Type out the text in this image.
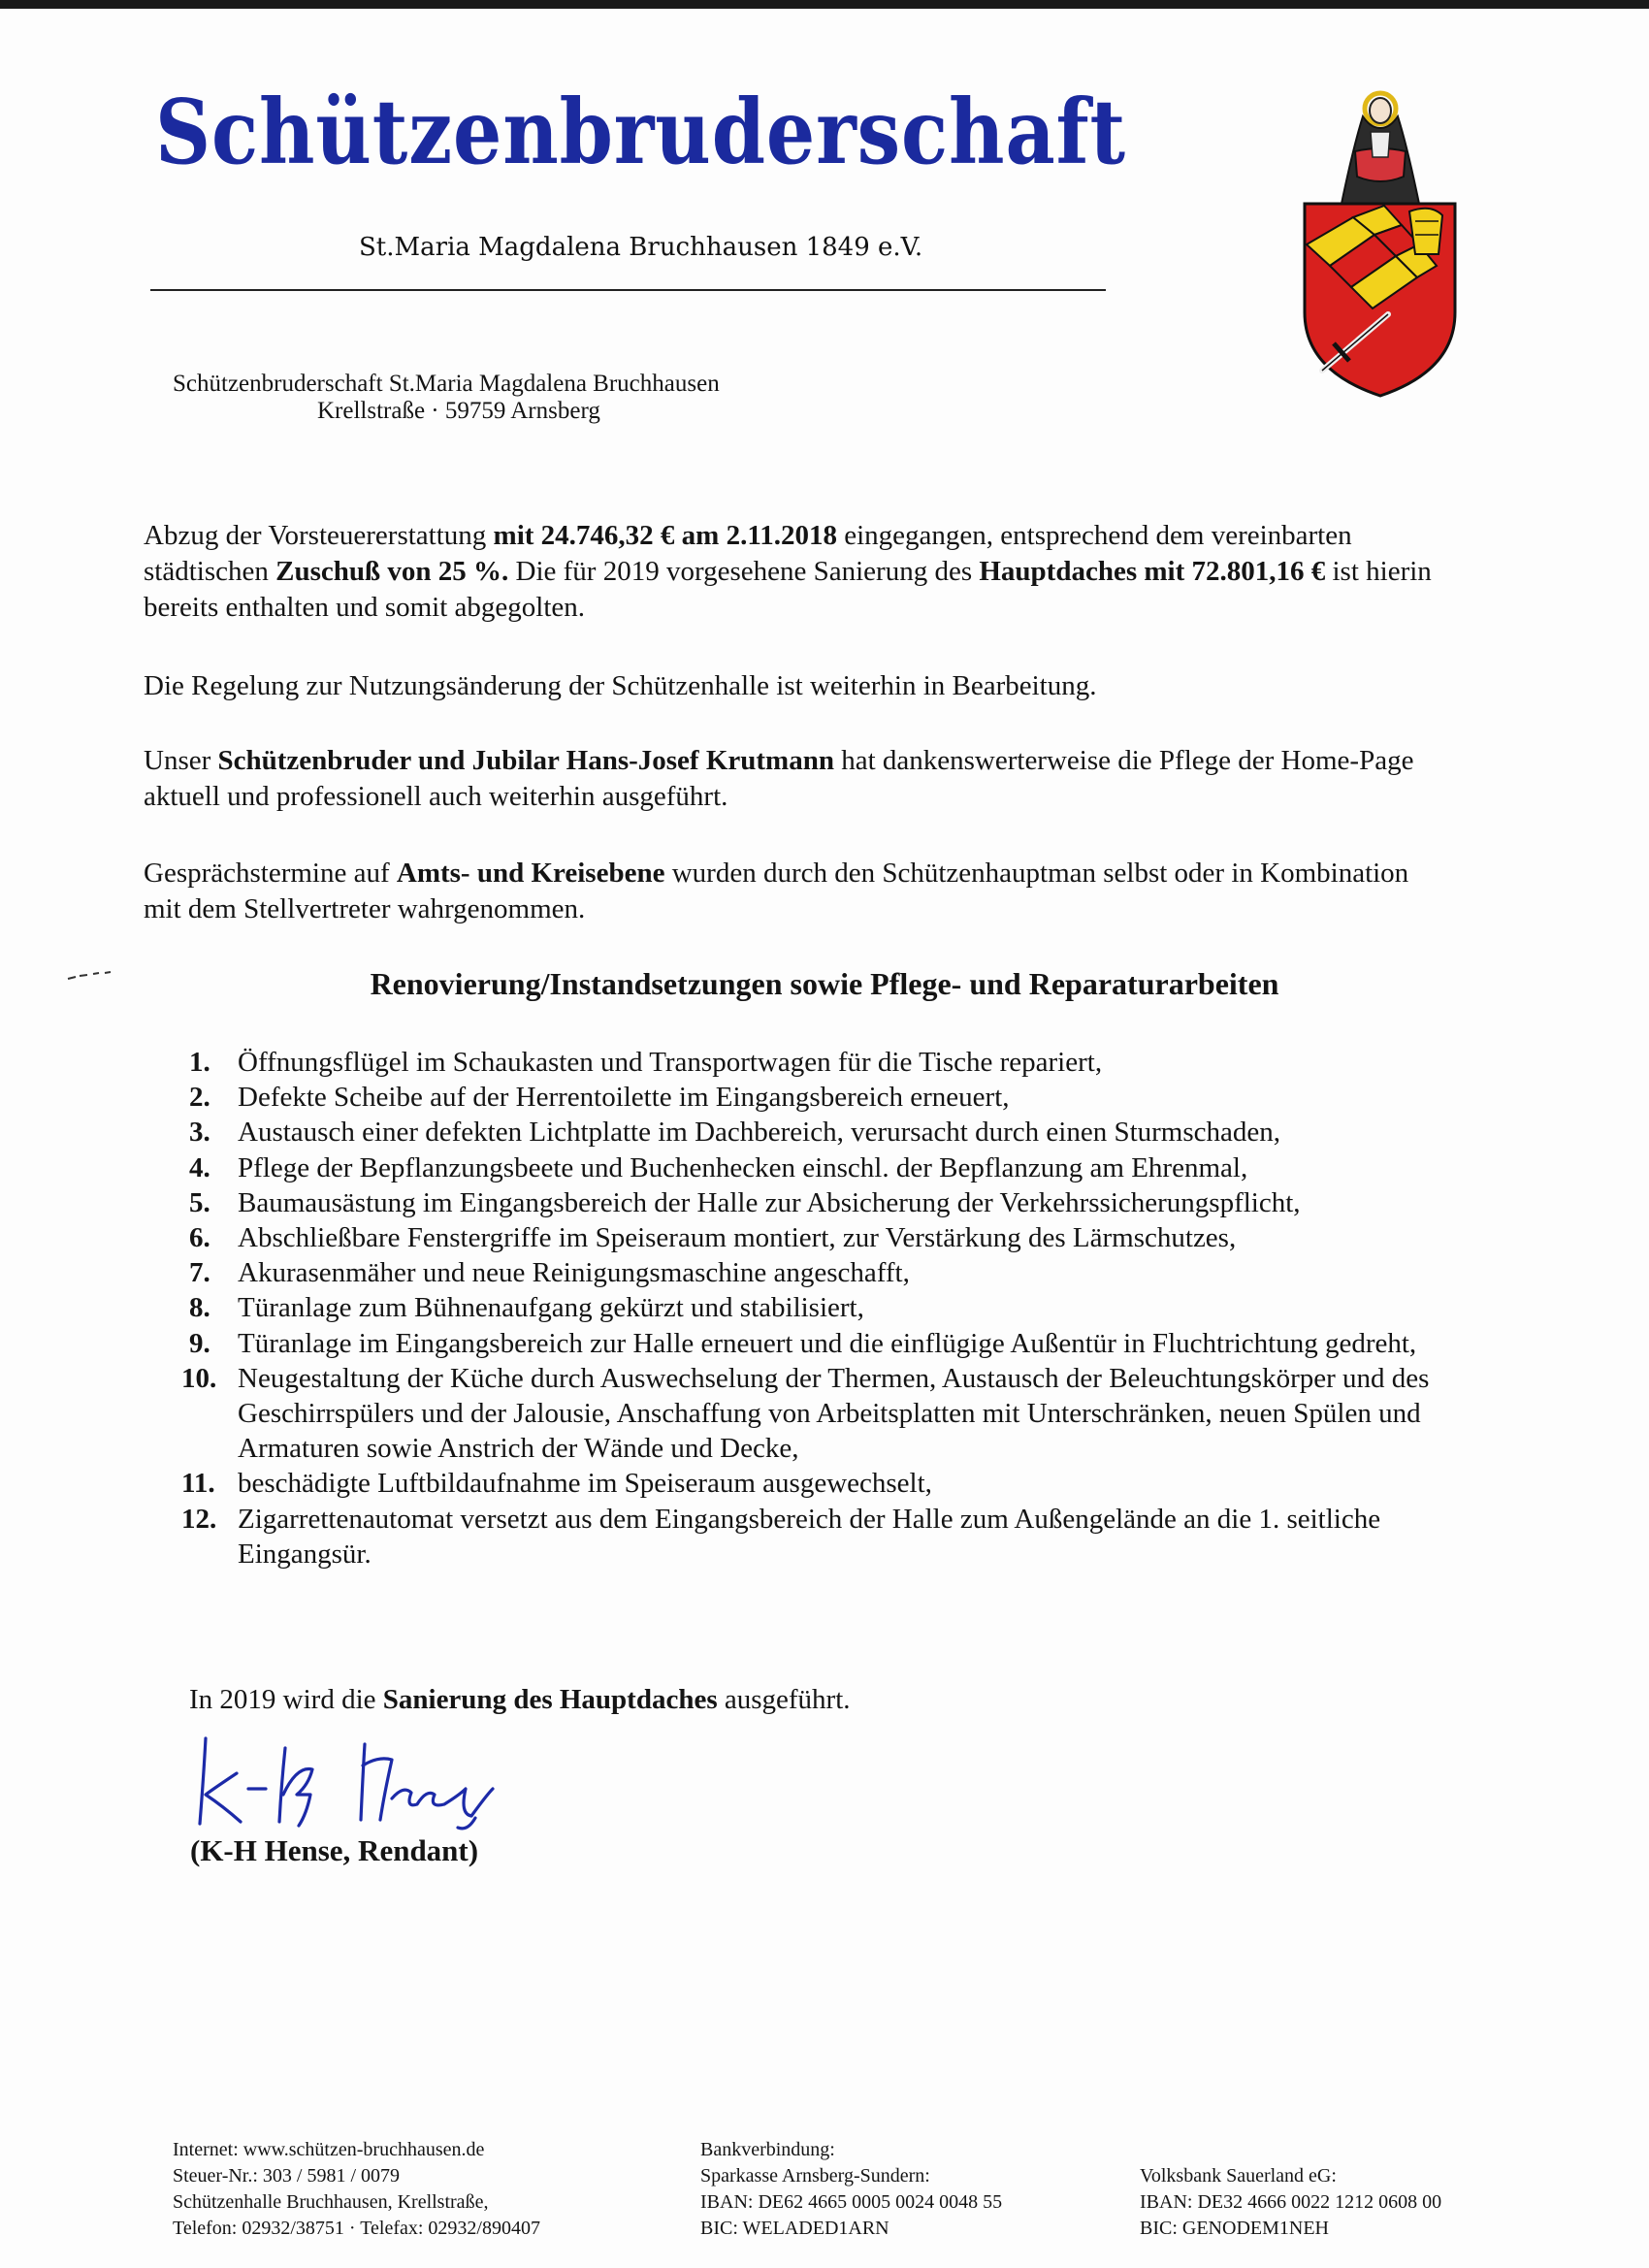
Schützenbruderschaft
St.Maria Magdalena Bruchhausen 1849 e.V.
Schützenbruderschaft St.Maria Magdalena Bruchhausen
Krellstraße · 59759 Arnsberg
Abzug der Vorsteuererstattung mit 24.746,32 € am 2.11.2018 eingegangen, entsprechend dem vereinbarten städtischen Zuschuß von 25 %. Die für 2019 vorgesehene Sanierung des Hauptdaches mit 72.801,16 € ist hierin bereits enthalten und somit abgegolten.
Die Regelung zur Nutzungsänderung der Schützenhalle ist weiterhin in Bearbeitung.
Unser Schützenbruder und Jubilar Hans-Josef Krutmann hat dankenswerterweise die Pflege der Home-Page aktuell und professionell auch weiterhin ausgeführt.
Gesprächstermine auf Amts- und Kreisebene wurden durch den Schützenhauptman selbst oder in Kombination mit dem Stellvertreter wahrgenommen.
Renovierung/Instandsetzungen sowie Pflege- und Reparaturarbeiten
1. Öffnungsflügel im Schaukasten und Transportwagen für die Tische repariert,
2. Defekte Scheibe auf der Herrentoilette im Eingangsbereich erneuert,
3. Austausch einer defekten Lichtplatte im Dachbereich, verursacht durch einen Sturmschaden,
4. Pflege der Bepflanzungsbeete und Buchenhecken einschl. der Bepflanzung am Ehrenmal,
5. Baumausästung im Eingangsbereich der Halle zur Absicherung der Verkehrssicherungspflicht,
6. Abschließbare Fenstergriffe im Speiseraum montiert, zur Verstärkung des Lärmschutzes,
7. Akurasenmäher und neue Reinigungsmaschine angeschafft,
8. Türanlage zum Bühnenaufgang gekürzt und stabilisiert,
9. Türanlage im Eingangsbereich zur Halle erneuert und die einflügige Außentür in Fluchtrichtung gedreht,
10. Neugestaltung der Küche durch Auswechselung der Thermen, Austausch der Beleuchtungskörper und des Geschirrspülers und der Jalousie, Anschaffung von Arbeitsplatten mit Unterschränken, neuen Spülen und Armaturen sowie Anstrich der Wände und Decke,
11. beschädigte Luftbildaufnahme im Speiseraum ausgewechselt,
12. Zigarrettenautomat versetzt aus dem Eingangsbereich der Halle zum Außengelände an die 1. seitliche Eingangsür.
In 2019 wird die Sanierung des Hauptdaches ausgeführt.
(K-H Hense, Rendant)
Internet: www.schützen-bruchhausen.de
Steuer-Nr.: 303 / 5981 / 0079
Schützenhalle Bruchhausen, Krellstraße,
Telefon: 02932/38751 · Telefax: 02932/890407
Bankverbindung:
Sparkasse Arnsberg-Sundern:
IBAN: DE62 4665 0005 0024 0048 55
BIC: WELADED1ARN
Volksbank Sauerland eG:
IBAN: DE32 4666 0022 1212 0608 00
BIC: GENODEM1NEH
